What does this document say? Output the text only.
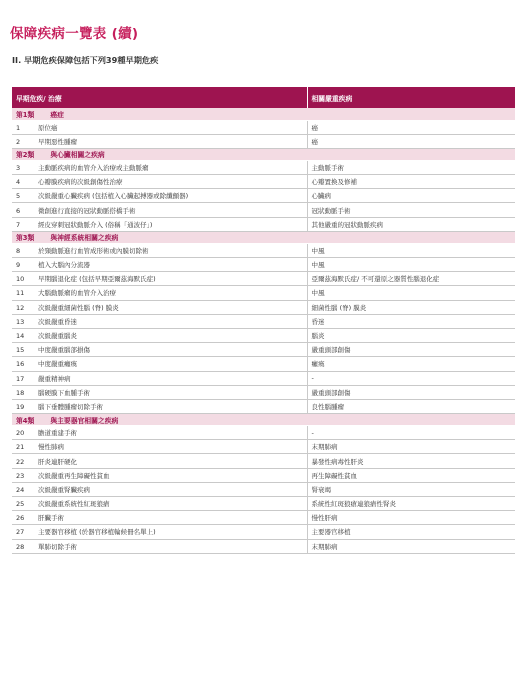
保障疾病一覽表 (續)
II. 早期危疾保障包括下列39種早期危疾
早期危疾/ 治療	相關嚴重疾病
第1類 癌症	
1 原位癌	癌
2 早期惡性腫瘤	癌
第2類 與心臟相關之疾病	
3 主動脈疾病的血管介入治療或主動脈瘤	主動脈手術
4 心瓣膜疾病的次級創傷性治療	心瓣置換及修補
5 次級嚴重心臟疾病 (包括植入心臟起搏器或除纖顫器)	心臟病
6 微創進行直接的冠狀動脈搭橋手術	冠狀動脈手術
7 經皮穿刺冠狀動脈介入 (俗稱「通波仔」)	其他嚴重的冠狀動脈疾病
第3類 與神經系統相關之疾病	
8 於頸動脈進行血管成形術或內膜切除術	中風
9 植入大腦內分流器	中風
10 早期腦退化症 (包括早期亞爾茲海默氏症)	亞爾茲海默氏症/ 不可還原之器質性腦退化症
11 大腦動脈瘤的血管介入治療	中風
12 次級嚴重細菌性腦 (脊) 膜炎	細菌性腦 (脊) 膜炎
13 次級嚴重昏迷	昏迷
14 次級嚴重腦炎	腦炎
15 中度嚴重腦部損傷	嚴重頭部創傷
16 中度嚴重癱瘓	癱瘓
17 嚴重精神病	-
18 腦硬膜下血腫手術	嚴重頭部創傷
19 腦下垂體腫瘤切除手術	良性腦腫瘤
第4類 與主要器官相關之疾病	
20 膽道重建手術	-
21 慢性肺病	末期肺病
22 肝炎連肝硬化	暴發性病毒性肝炎
23 次級嚴重再生障礙性貧血	再生障礙性貧血
24 次級嚴重腎臟疾病	腎衰竭
25 次級嚴重系統性紅斑狼瘡	系統性紅斑狼瘡連狼瘡性腎炎
26 肝臟手術	慢性肝病
27 主要器官移植 (於器官移植輪候冊名單上)	主要器官移植
28 單肺切除手術	末期肺病
